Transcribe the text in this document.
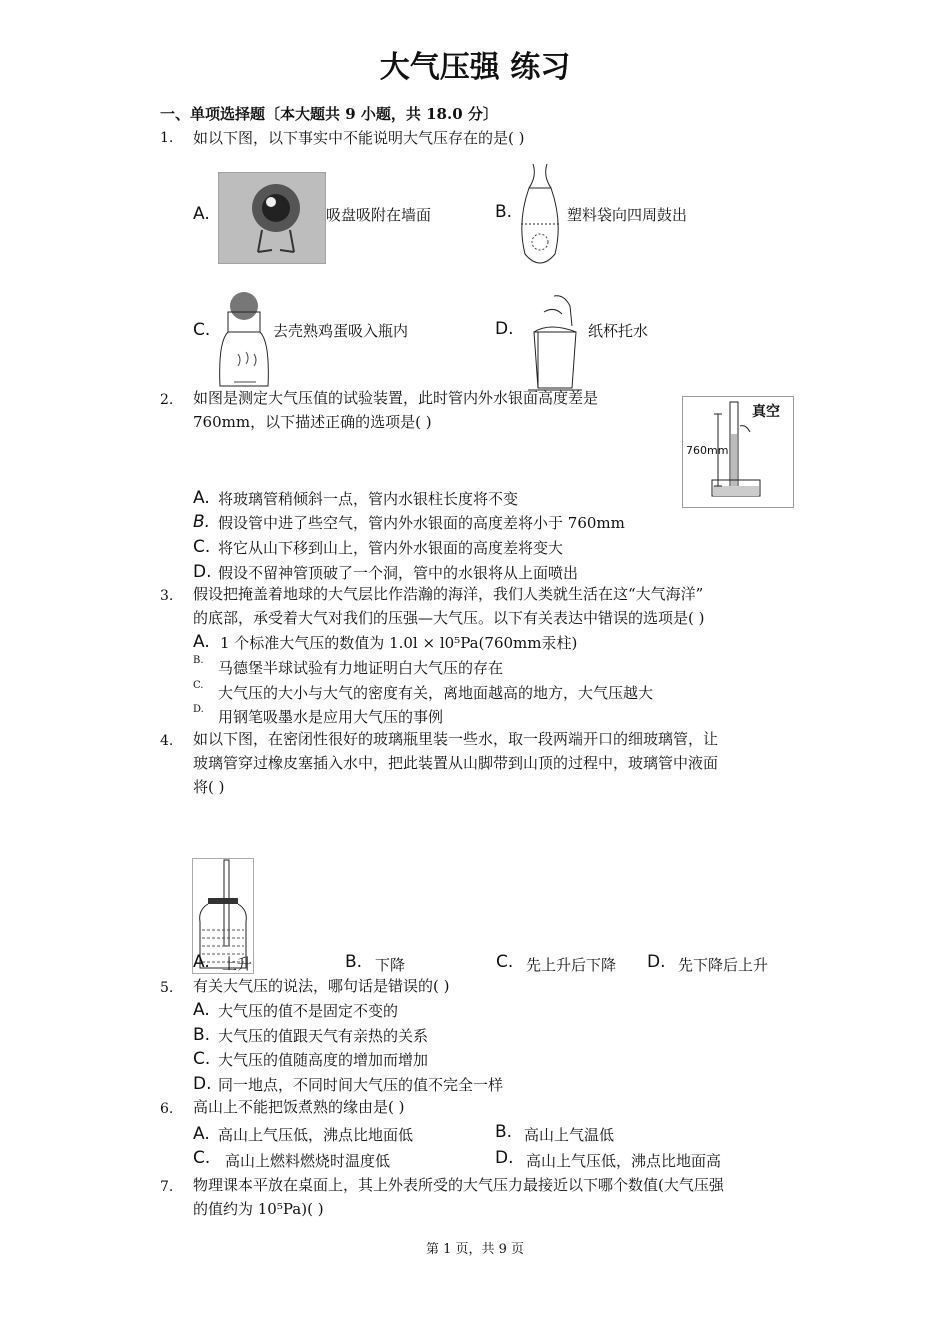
大气压强 练习
一、单项选择题〔本大题共 9 小题，共 18.0 分〕
1. 如以下图，以下事实中不能说明大气压存在的是( )
A.	吸盘吸附在墙面	B.	塑料袋向四周鼓出
C.	去壳熟鸡蛋吸入瓶内	D.	纸杯托水
2. 如图是测定大气压值的试验装置，此时管内外水银面高度差是
760mm，以下描述正确的选项是( )
760mm
真空
A. 将玻璃管稍倾斜一点，管内水银柱长度将不变
B. 假设管中进了些空气，管内外水银面的高度差将小于 760mm
C. 将它从山下移到山上，管内外水银面的高度差将变大
D. 假设不留神管顶破了一个洞，管中的水银将从上面喷出
3. 假设把掩盖着地球的大气层比作浩瀚的海洋，我们人类就生活在这“大气海洋”
的底部，承受着大气对我们的压强—大气压。以下有关表达中错误的选项是( )
A. 1 个标准大气压的数值为 1.0l × l0⁵Pa(760mm汞柱)
B. 马德堡半球试验有力地证明白大气压的存在
C. 大气压的大小与大气的密度有关，离地面越高的地方，大气压越大
D. 用钢笔吸墨水是应用大气压的事例
4. 如以下图，在密闭性很好的玻璃瓶里装一些水，取一段两端开口的细玻璃管，让
玻璃管穿过橡皮塞插入水中，把此装置从山脚带到山顶的过程中，玻璃管中液面
将( )
A. 上升	B. 下降	C. 先上升后下降 D. 先下降后上升
5. 有关大气压的说法，哪句话是错误的( )
A. 大气压的值不是固定不变的
B. 大气压的值跟天气有亲热的关系
C. 大气压的值随高度的增加而增加
D. 同一地点，不同时间大气压的值不完全一样
6. 高山上不能把饭煮熟的缘由是( )
A. 高山上气压低，沸点比地面低	B. 高山上气温低
C. 高山上燃料燃烧时温度低	D. 高山上气压低，沸点比地面高
7. 物理课本平放在桌面上，其上外表所受的大气压力最接近以下哪个数值(大气压强
的值约为 10⁵Pa)( )
第 1 页，共 9 页
